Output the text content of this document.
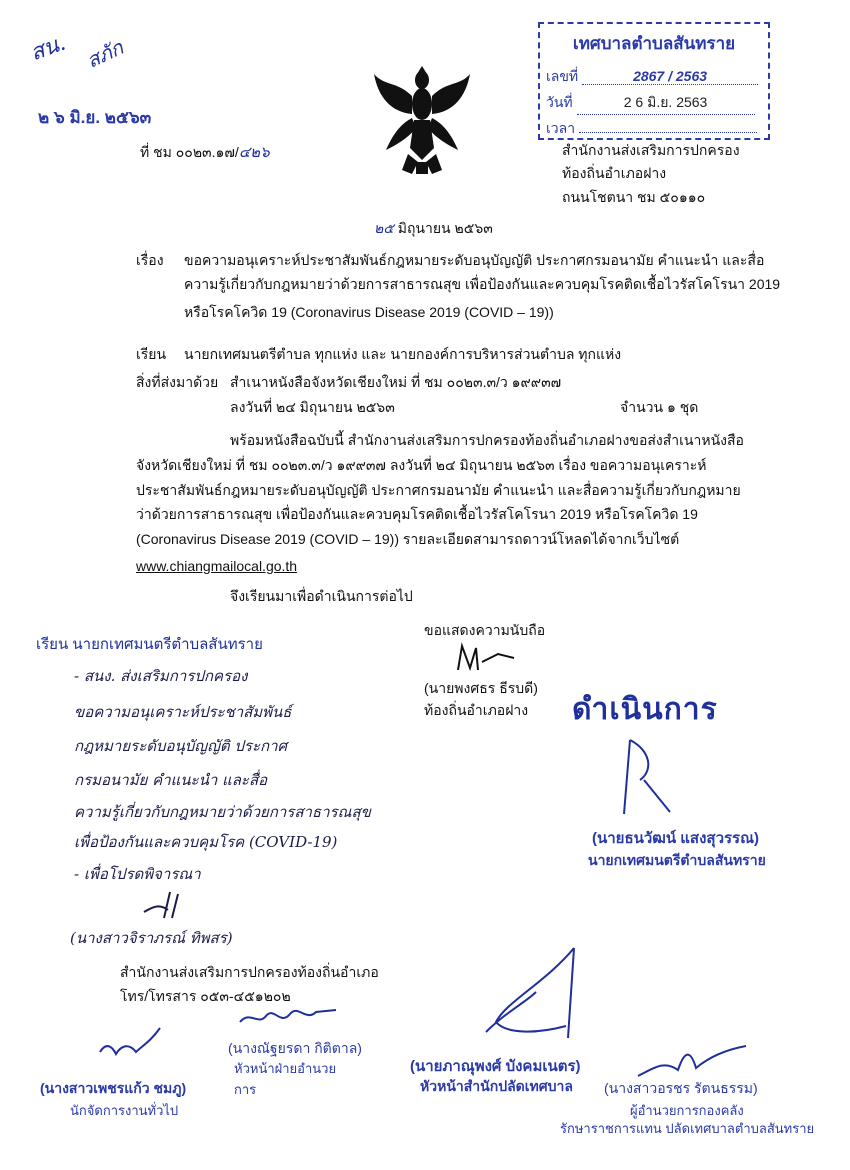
สน. สภัก
๒ ๖ มิ.ย. ๒๕๖๓
ที่ ชม ๐๐๒๓.๑๗/๔๒๖
เทศบาลตำบลสันทราย
เลขที่	2867 / 2563
วันที่	2 6 มิ.ย. 2563
เวลา
สำนักงานส่งเสริมการปกครอง
ท้องถิ่นอำเภอฝาง
ถนนโชตนา ชม ๕๐๑๑๐
๒๕ มิถุนายน ๒๕๖๓
เรื่อง ขอความอนุเคราะห์ประชาสัมพันธ์กฎหมายระดับอนุบัญญัติ ประกาศกรมอนามัย คำแนะนำ และสื่อ
ความรู้เกี่ยวกับกฎหมายว่าด้วยการสาธารณสุข เพื่อป้องกันและควบคุมโรคติดเชื้อไวรัสโคโรนา 2019
หรือโรคโควิด 19 (Coronavirus Disease 2019 (COVID – 19))
เรียน นายกเทศมนตรีตำบล ทุกแห่ง และ นายกองค์การบริหารส่วนตำบล ทุกแห่ง
สิ่งที่ส่งมาด้วย สำเนาหนังสือจังหวัดเชียงใหม่ ที่ ชม ๐๐๒๓.๓/ว ๑๙๙๓๗
ลงวันที่ ๒๔ มิถุนายน ๒๕๖๓	จำนวน ๑ ชุด
พร้อมหนังสือฉบับนี้ สำนักงานส่งเสริมการปกครองท้องถิ่นอำเภอฝางขอส่งสำเนาหนังสือ
จังหวัดเชียงใหม่ ที่ ชม ๐๐๒๓.๓/ว ๑๙๙๓๗ ลงวันที่ ๒๔ มิถุนายน ๒๕๖๓ เรื่อง ขอความอนุเคราะห์
ประชาสัมพันธ์กฎหมายระดับอนุบัญญัติ ประกาศกรมอนามัย คำแนะนำ และสื่อความรู้เกี่ยวกับกฎหมาย
ว่าด้วยการสาธารณสุข เพื่อป้องกันและควบคุมโรคติดเชื้อไวรัสโคโรนา 2019 หรือโรคโควิด 19
(Coronavirus Disease 2019 (COVID – 19)) รายละเอียดสามารถดาวน์โหลดได้จากเว็บไซต์
www.chiangmailocal.go.th
จึงเรียนมาเพื่อดำเนินการต่อไป
ขอแสดงความนับถือ
(นายพงศธร ธีรบดี)
ท้องถิ่นอำเภอฝาง
เรียน นายกเทศมนตรีตำบลสันทราย
- สนง. ส่งเสริมการปกครอง
ขอความอนุเคราะห์ประชาสัมพันธ์
กฎหมายระดับอนุบัญญัติ ประกาศ
กรมอนามัย คำแนะนำ และสื่อ
ความรู้เกี่ยวกับกฎหมายว่าด้วยการสาธารณสุข
เพื่อป้องกันและควบคุมโรค (COVID-19)
- เพื่อโปรดพิจารณา
(นางสาวจิราภรณ์ ทิพสร)
สำนักงานส่งเสริมการปกครองท้องถิ่นอำเภอ
โทร/โทรสาร ๐๕๓-๔๕๑๒๐๒
ดำเนินการ
(นายธนวัฒน์ แสงสุวรรณ)
นายกเทศมนตรีตำบลสันทราย
(นางสาวเพชรแก้ว ชมภู)
นักจัดการงานทั่วไป
(นางณัฐยรดา กิติตาล)
หัวหน้าฝ่ายอำนวยการ
(นายภาณุพงศ์ บังคมเนตร)
หัวหน้าสำนักปลัดเทศบาล (นางสาวอรชร รัตนธรรม)
ผู้อำนวยการกองคลัง
รักษาราชการแทน ปลัดเทศบาลตำบลสันทราย
